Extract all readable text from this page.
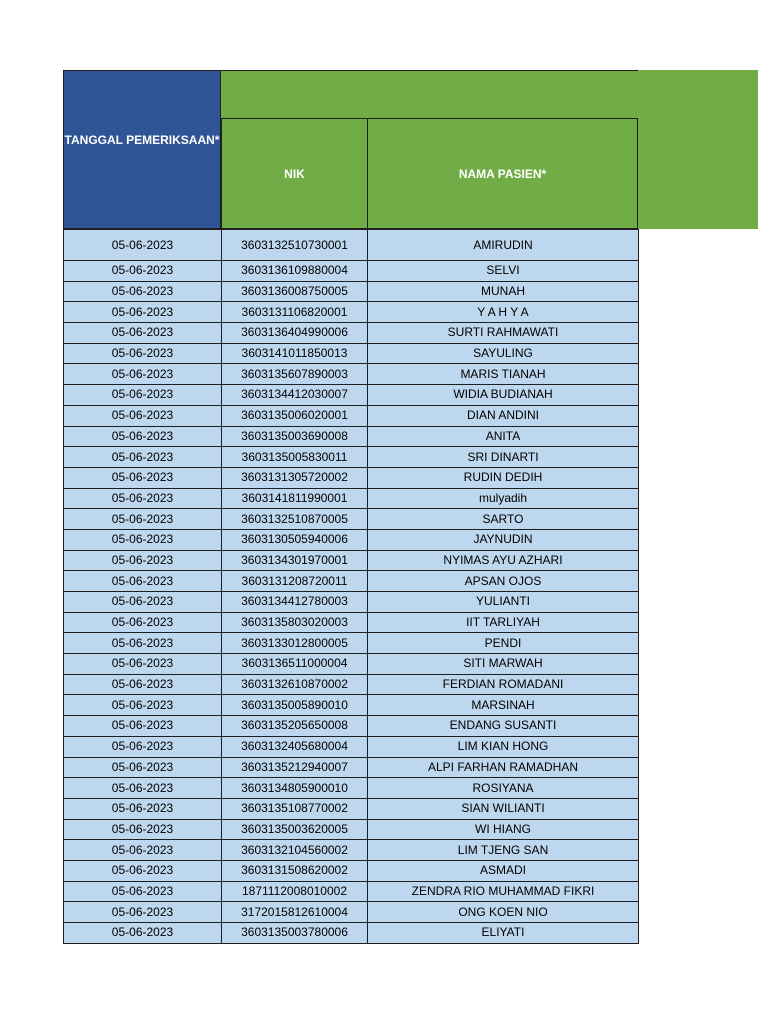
TANGGAL PEMERIKSAAN*
NIK	NAMA PASIEN*
05-06-2023	3603132510730001	AMIRUDIN
05-06-2023	3603136109880004	SELVI
05-06-2023	3603136008750005	MUNAH
05-06-2023	3603131106820001	Y A H Y A
05-06-2023	3603136404990006	SURTI RAHMAWATI
05-06-2023	3603141011850013	SAYULING
05-06-2023	3603135607890003	MARIS TIANAH
05-06-2023	3603134412030007	WIDIA BUDIANAH
05-06-2023	3603135006020001	DIAN ANDINI
05-06-2023	3603135003690008	ANITA
05-06-2023	3603135005830011	SRI DINARTI
05-06-2023	3603131305720002	RUDIN DEDIH
05-06-2023	3603141811990001	mulyadih
05-06-2023	3603132510870005	SARTO
05-06-2023	3603130505940006	JAYNUDIN
05-06-2023	3603134301970001	NYIMAS AYU AZHARI
05-06-2023	3603131208720011	APSAN OJOS
05-06-2023	3603134412780003	YULIANTI
05-06-2023	3603135803020003	IIT TARLIYAH
05-06-2023	3603133012800005	PENDI
05-06-2023	3603136511000004	SITI MARWAH
05-06-2023	3603132610870002	FERDIAN ROMADANI
05-06-2023	3603135005890010	MARSINAH
05-06-2023	3603135205650008	ENDANG SUSANTI
05-06-2023	3603132405680004	LIM KIAN HONG
05-06-2023	3603135212940007	ALPI FARHAN RAMADHAN
05-06-2023	3603134805900010	ROSIYANA
05-06-2023	3603135108770002	SIAN WILIANTI
05-06-2023	3603135003620005	WI HIANG
05-06-2023	3603132104560002	LIM TJENG SAN
05-06-2023	3603131508620002	ASMADI
05-06-2023	1871112008010002	ZENDRA RIO MUHAMMAD FIKRI
05-06-2023	3172015812610004	ONG KOEN NIO
05-06-2023	3603135003780006	ELIYATI
